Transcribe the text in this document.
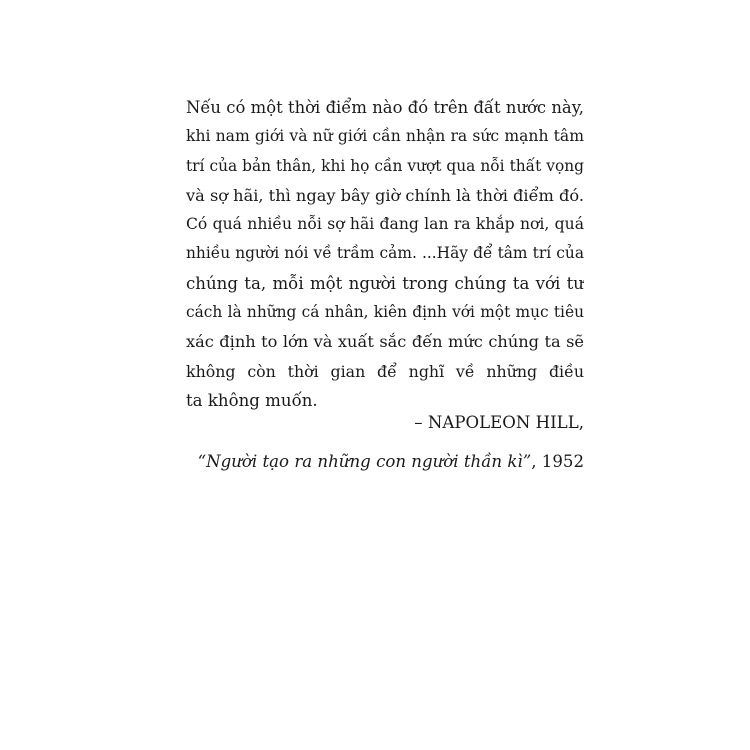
Nếu có một thời điểm nào đó trên đất nước này,
khi nam giới và nữ giới cần nhận ra sức mạnh tâm
trí của bản thân, khi họ cần vượt qua nỗi thất vọng
và sợ hãi, thì ngay bây giờ chính là thời điểm đó.
Có quá nhiều nỗi sợ hãi đang lan ra khắp nơi, quá
nhiều người nói về trầm cảm. ...Hãy để tâm trí của
chúng ta, mỗi một người trong chúng ta với tư
cách là những cá nhân, kiên định với một mục tiêu
xác định to lớn và xuất sắc đến mức chúng ta sẽ
không còn thời gian để nghĩ về những điều
ta không muốn.
– NAPOLEON HILL,
“Người tạo ra những con người thần kì”, 1952
